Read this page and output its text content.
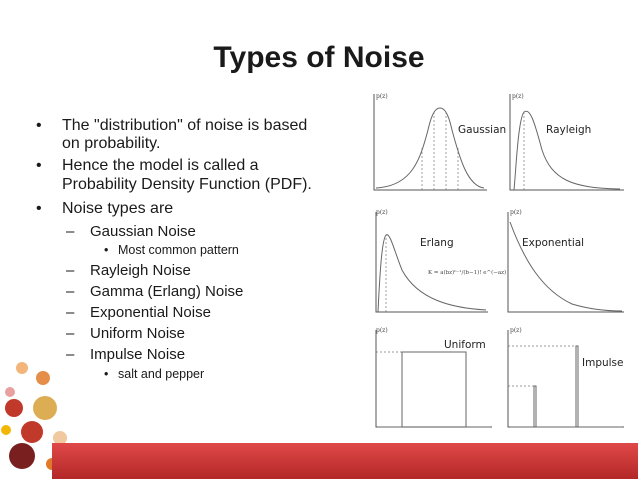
Types of Noise
• The "distribution" of noise is based
on probability.
• Hence the model is called a
Probability Density Function (PDF).
• Noise types are
– Gaussian Noise
• Most common pattern
– Rayleigh Noise
– Gamma (Erlang) Noise
– Exponential Noise
– Uniform Noise
– Impulse Noise
• salt and pepper
p(z)
Gaussian
p(z)
Rayleigh
p(z)
Erlang
K = a(bz)ᵇ⁻¹/(b−1)! e^(−az)
p(z)
Exponential
p(z)
Uniform
p(z)
Impulse
